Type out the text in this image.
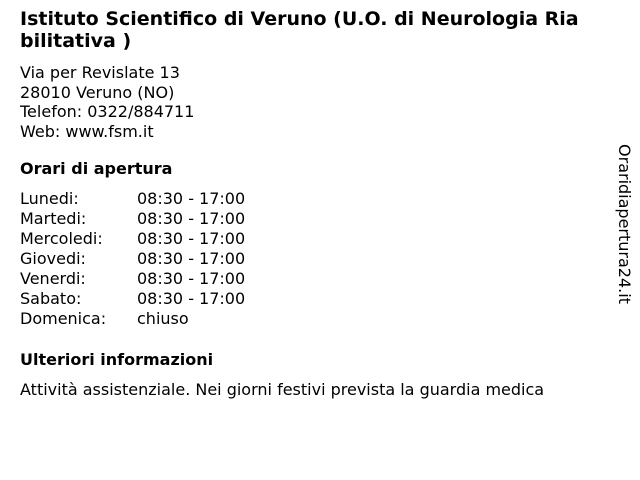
Istituto Scientifico di Veruno (U.O. di Neurologia Ria
bilitativa )
Via per Revislate 13
28010 Veruno (NO)
Telefon: 0322/884711
Web: www.fsm.it
Orari di apertura
Lunedi:	08:30 - 17:00
Martedi:	08:30 - 17:00
Mercoledi:	08:30 - 17:00
Giovedi:	08:30 - 17:00
Venerdi:	08:30 - 17:00
Sabato:	08:30 - 17:00
Domenica:	chiuso
Ulteriori informazioni
Attività assistenziale. Nei giorni festivi prevista la guardia medica
Oraridiapertura24.it
